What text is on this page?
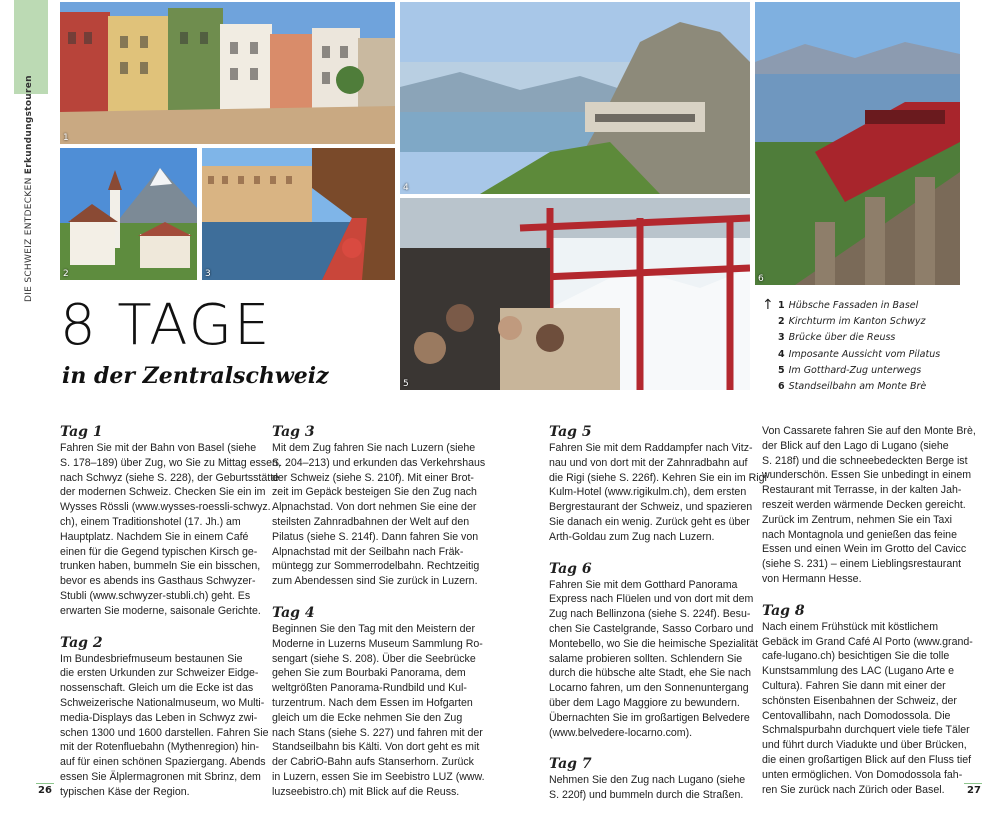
DIE SCHWEIZ ENTDECKEN Erkundungstouren	1
2	3
4
5
6
8 TAGE
in der Zentralschweiz
↑ 1 Hübsche Fassaden in Basel
2 Kirchturm im Kanton Schwyz
3 Brücke über die Reuss
4 Imposante Aussicht vom Pilatus
5 Im Gotthard-Zug unterwegs
6 Standseilbahn am Monte Brè
Tag 1

Fahren Sie mit der Bahn von Basel (siehe
S. 178–189) über Zug, wo Sie zu Mittag essen,
nach Schwyz (siehe S. 228), der Geburtsstätte
der modernen Schweiz. Checken Sie ein im
Wysses Rössli (www.wysses-roessli-schwyz.
ch), einem Traditionshotel (17. Jh.) am
Hauptplatz. Nachdem Sie in einem Café
einen für die Gegend typischen Kirsch ge-
trunken haben, bummeln Sie ein bisschen,
bevor es abends ins Gasthaus Schwyzer-
Stubli (www.schwyzer-stubli.ch) geht. Es
erwarten Sie moderne, saisonale Gerichte.

Tag 2

Im Bundesbriefmuseum bestaunen Sie
die ersten Urkunden zur Schweizer Eidge-
nossenschaft. Gleich um die Ecke ist das
Schweizerische Nationalmuseum, wo Multi-
media-Displays das Leben in Schwyz zwi-
schen 1300 und 1600 darstellen. Fahren Sie
mit der Rotenfluebahn (Mythenregion) hin-
auf für einen schönen Spaziergang. Abends
essen Sie Älplermagronen mit Sbrinz, dem
typischen Käse der Region.

Tag 3

Mit dem Zug fahren Sie nach Luzern (siehe
S. 204–213) und erkunden das Verkehrshaus
der Schweiz (siehe S. 210f). Mit einer Brot-
zeit im Gepäck besteigen Sie den Zug nach
Alpnachstad. Von dort nehmen Sie eine der
steilsten Zahnradbahnen der Welt auf den
Pilatus (siehe S. 214f). Dann fahren Sie von
Alpnachstad mit der Seilbahn nach Fräk-
müntegg zur Sommerrodelbahn. Rechtzeitig
zum Abendessen sind Sie zurück in Luzern.

Tag 4

Beginnen Sie den Tag mit den Meistern der
Moderne in Luzerns Museum Sammlung Ro-
sengart (siehe S. 208). Über die Seebrücke
gehen Sie zum Bourbaki Panorama, dem
weltgrößten Panorama-Rundbild und Kul-
turzentrum. Nach dem Essen im Hofgarten
gleich um die Ecke nehmen Sie den Zug
nach Stans (siehe S. 227) und fahren mit der
Standseilbahn bis Kälti. Von dort geht es mit
der CabriO-Bahn aufs Stanserhorn. Zurück
in Luzern, essen Sie im Seebistro LUZ (www.
luzseebistro.ch) mit Blick auf die Reuss.

Tag 5

Fahren Sie mit dem Raddampfer nach Vitz-
nau und von dort mit der Zahnradbahn auf
die Rigi (siehe S. 226f). Kehren Sie ein im Rigi
Kulm-Hotel (www.rigikulm.ch), dem ersten
Bergrestaurant der Schweiz, und spazieren
Sie danach ein wenig. Zurück geht es über
Arth-Goldau zum Zug nach Luzern.

Tag 6

Fahren Sie mit dem Gotthard Panorama
Express nach Flüelen und von dort mit dem
Zug nach Bellinzona (siehe S. 224f). Besu-
chen Sie Castelgrande, Sasso Corbaro und
Montebello, wo Sie die heimische Spezialität
salame probieren sollten. Schlendern Sie
durch die hübsche alte Stadt, ehe Sie nach
Locarno fahren, um den Sonnenuntergang
über dem Lago Maggiore zu bewundern.
Übernachten Sie im großartigen Belvedere
(www.belvedere-locarno.com).

Tag 7

Nehmen Sie den Zug nach Lugano (siehe
S. 220f) und bummeln durch die Straßen.

Von Cassarete fahren Sie auf den Monte Brè,
der Blick auf den Lago di Lugano (siehe
S. 218f) und die schneebedeckten Berge ist
wunderschön. Essen Sie unbedingt in einem
Restaurant mit Terrasse, in der kalten Jah-
reszeit werden wärmende Decken gereicht.
Zurück im Zentrum, nehmen Sie ein Taxi
nach Montagnola und genießen das feine
Essen und einen Wein im Grotto del Cavicc
(siehe S. 231) – einem Lieblingsrestaurant
von Hermann Hesse.

Tag 8

Nach einem Frühstück mit köstlichem
Gebäck im Grand Café Al Porto (www.grand-
cafe-lugano.ch) besichtigen Sie die tolle
Kunstsammlung des LAC (Lugano Arte e
Cultura). Fahren Sie dann mit einer der
schönsten Eisenbahnen der Schweiz, der
Centovallibahn, nach Domodossola. Die
Schmalspurbahn durchquert viele tiefe Täler
und führt durch Viadukte und über Brücken,
die einen großartigen Blick auf den Fluss tief
unten ermöglichen. Von Domodossola fah-
ren Sie zurück nach Zürich oder Basel.

26	27
